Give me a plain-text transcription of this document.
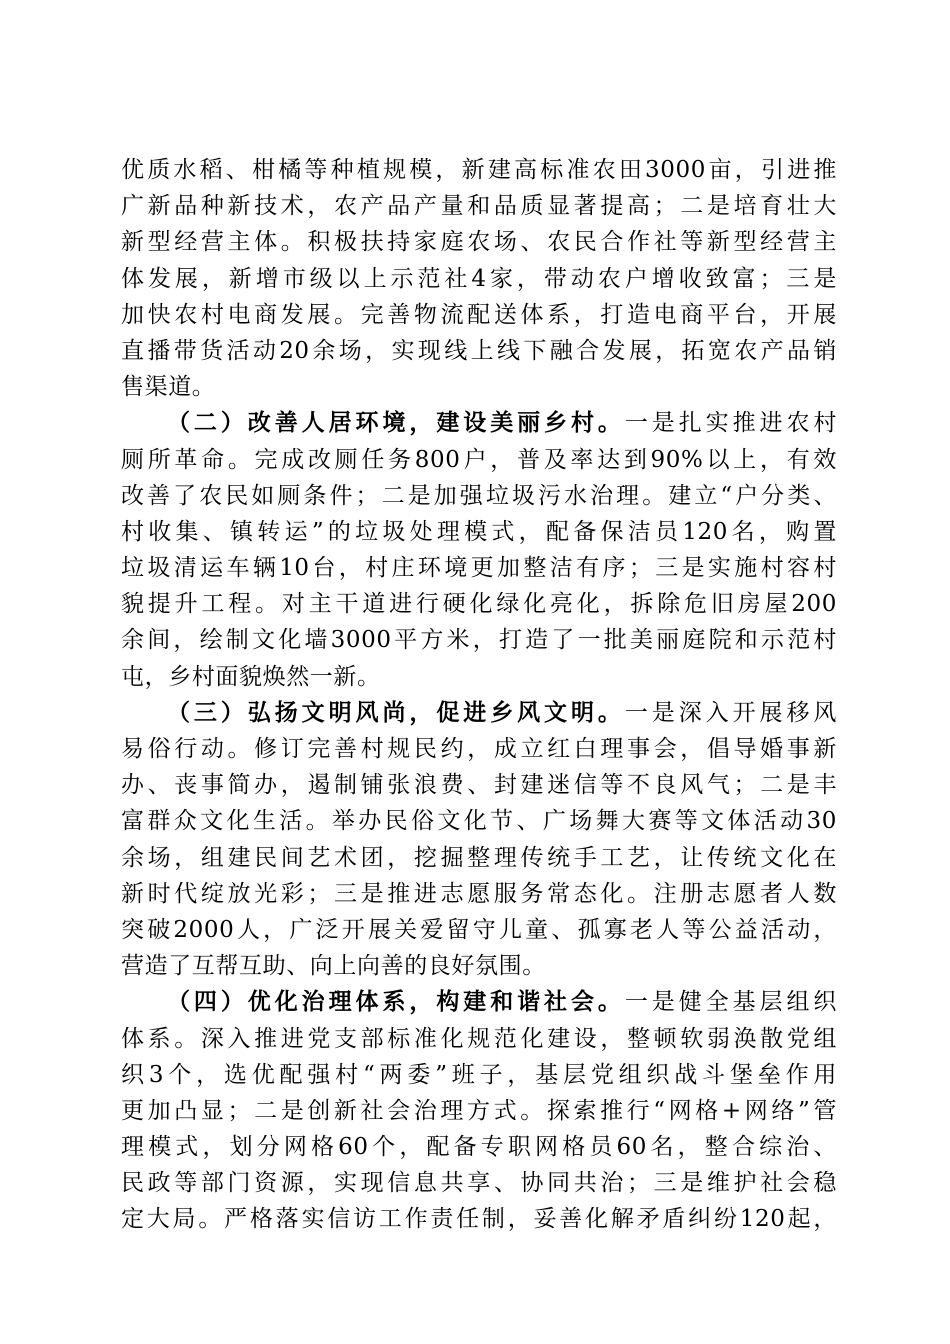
优质水稻、柑橘等种植规模，新建高标准农田3000亩，引进推
广新品种新技术，农产品产量和品质显著提高；二是培育壮大
新型经营主体。积极扶持家庭农场、农民合作社等新型经营主
体发展，新增市级以上示范社4家，带动农户增收致富；三是
加快农村电商发展。完善物流配送体系，打造电商平台，开展
直播带货活动20余场，实现线上线下融合发展，拓宽农产品销
售渠道。
（二）改善人居环境，建设美丽乡村。一是扎实推进农村
厕所革命。完成改厕任务800户，普及率达到90%以上，有效
改善了农民如厕条件；二是加强垃圾污水治理。建立“户分类、
村收集、镇转运”的垃圾处理模式，配备保洁员120名，购置
垃圾清运车辆10台，村庄环境更加整洁有序；三是实施村容村
貌提升工程。对主干道进行硬化绿化亮化，拆除危旧房屋200
余间，绘制文化墙3000平方米，打造了一批美丽庭院和示范村
屯，乡村面貌焕然一新。
（三）弘扬文明风尚，促进乡风文明。一是深入开展移风
易俗行动。修订完善村规民约，成立红白理事会，倡导婚事新
办、丧事简办，遏制铺张浪费、封建迷信等不良风气；二是丰
富群众文化生活。举办民俗文化节、广场舞大赛等文体活动30
余场，组建民间艺术团，挖掘整理传统手工艺，让传统文化在
新时代绽放光彩；三是推进志愿服务常态化。注册志愿者人数
突破2000人，广泛开展关爱留守儿童、孤寡老人等公益活动，
营造了互帮互助、向上向善的良好氛围。
（四）优化治理体系，构建和谐社会。一是健全基层组织
体系。深入推进党支部标准化规范化建设，整顿软弱涣散党组
织3个，选优配强村“两委”班子，基层党组织战斗堡垒作用
更加凸显；二是创新社会治理方式。探索推行“网格+网络”管
理模式，划分网格60个，配备专职网格员60名，整合综治、
民政等部门资源，实现信息共享、协同共治；三是维护社会稳
定大局。严格落实信访工作责任制，妥善化解矛盾纠纷120起，
